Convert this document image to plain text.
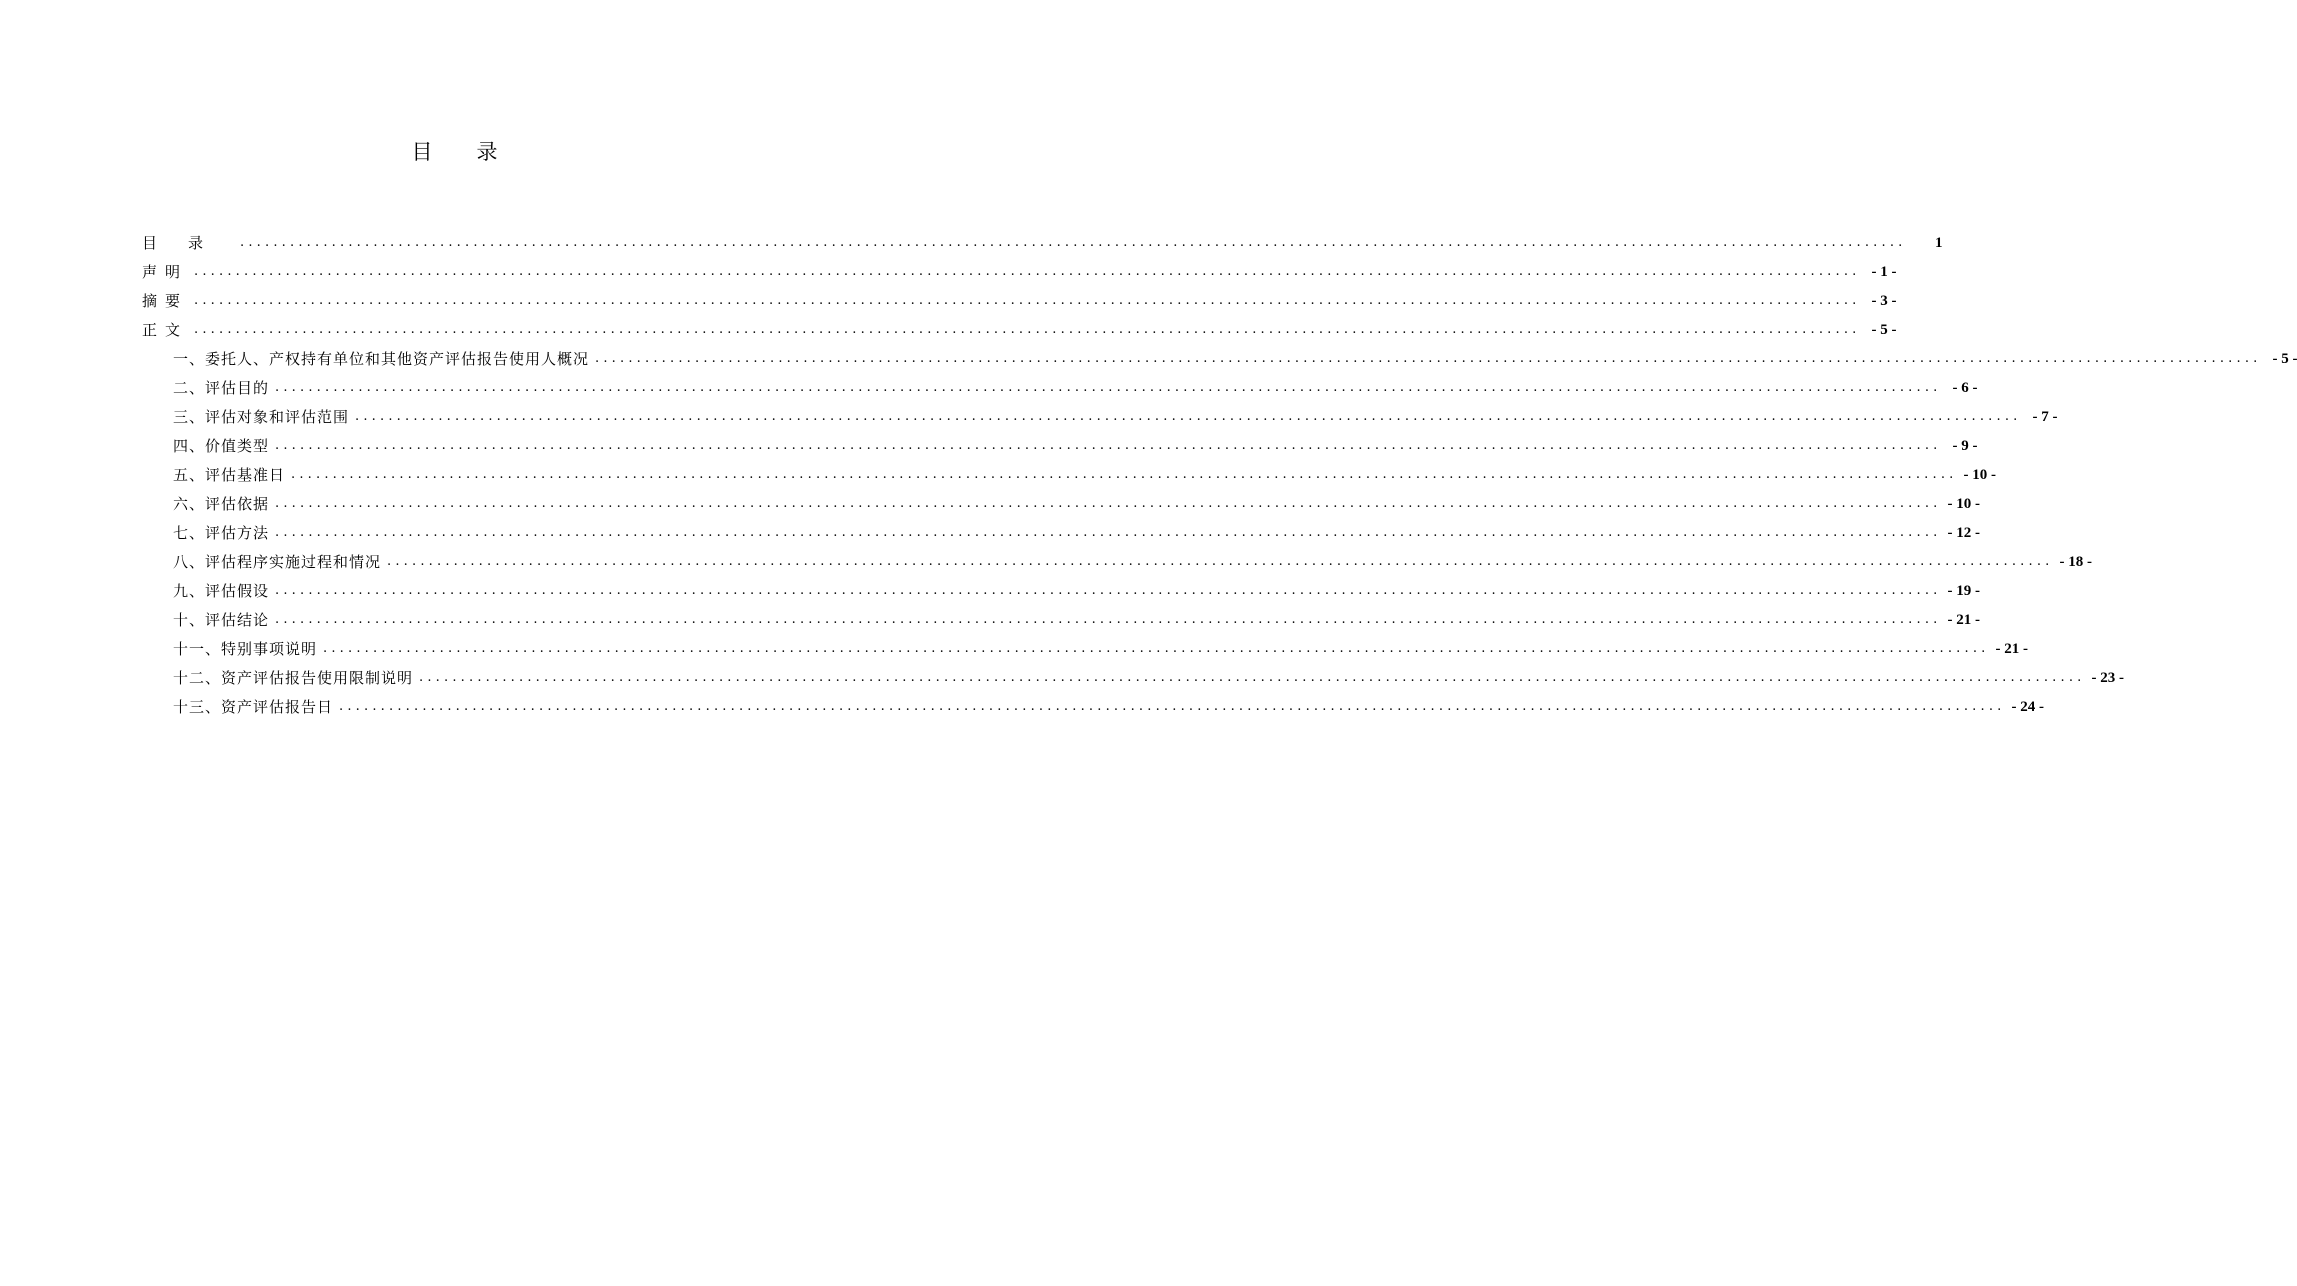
目录
目录 ........................................................................................................................................................................................................	1
声明 ........................................................................................................................................................................................................ - 1 -
摘要 ........................................................................................................................................................................................................ - 3 -
正文 ........................................................................................................................................................................................................ - 5 -
一、委托人、产权持有单位和其他资产评估报告使用人概况 ........................................................................................................................................................................................................ - 5 -
二、评估目的 ........................................................................................................................................................................................................ - 6 -
三、评估对象和评估范围 ........................................................................................................................................................................................................ - 7 -
四、价值类型 ........................................................................................................................................................................................................ - 9 -
五、评估基准日 ........................................................................................................................................................................................................ - 10 -
六、评估依据 ........................................................................................................................................................................................................ - 10 -
七、评估方法 ........................................................................................................................................................................................................ - 12 -
八、评估程序实施过程和情况 ........................................................................................................................................................................................................ - 18 -
九、评估假设 ........................................................................................................................................................................................................ - 19 -
十、评估结论 ........................................................................................................................................................................................................ - 21 -
十一、特别事项说明 ........................................................................................................................................................................................................ - 21 -
十二、资产评估报告使用限制说明 ........................................................................................................................................................................................................ - 23 -
十三、资产评估报告日 ........................................................................................................................................................................................................ - 24 -
